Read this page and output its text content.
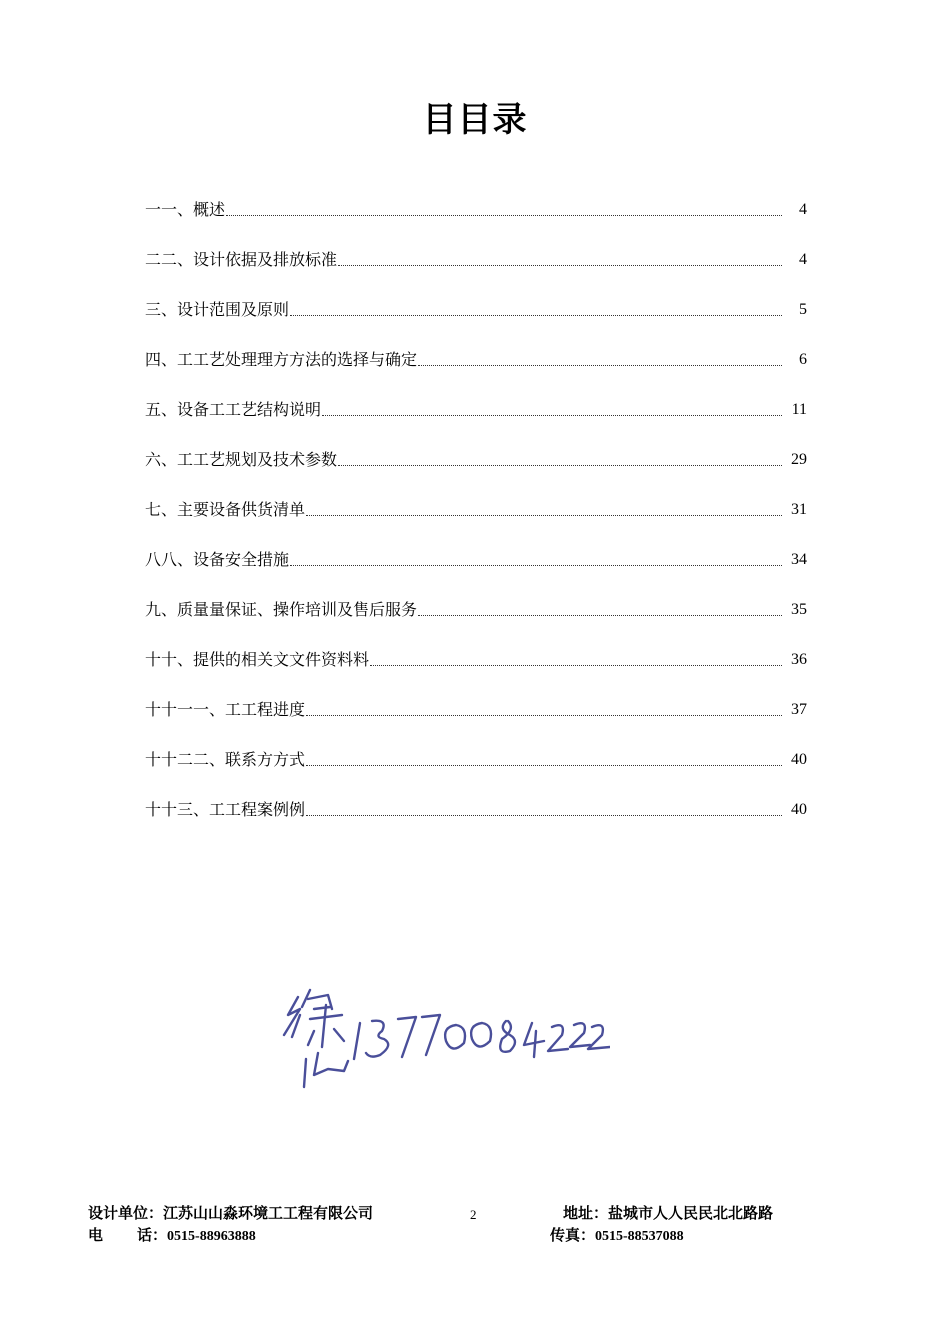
目目录
一一、概述	4
二二、设计依据及排放标准	4
三、设计范围及原则	5
四、工工艺处理理方方法的选择与确定	6
五、设备工工艺结构说明	11
六、工工艺规划及技术参数	29
七、主要设备供货清单	31
八八、设备安全措施	34
九、质量量保证、操作培训及售后服务	35
十十、提供的相关文文件资料料	36
十十一一、工工程进度	37
十十二二、联系方方式	40
十十三、工工程案例例	40
设计单位：江苏山山淼环境工工程有限公司
电 话：0515-88963888
2	地址：盐城市人人民民北北路路
传真：0515-88537088
